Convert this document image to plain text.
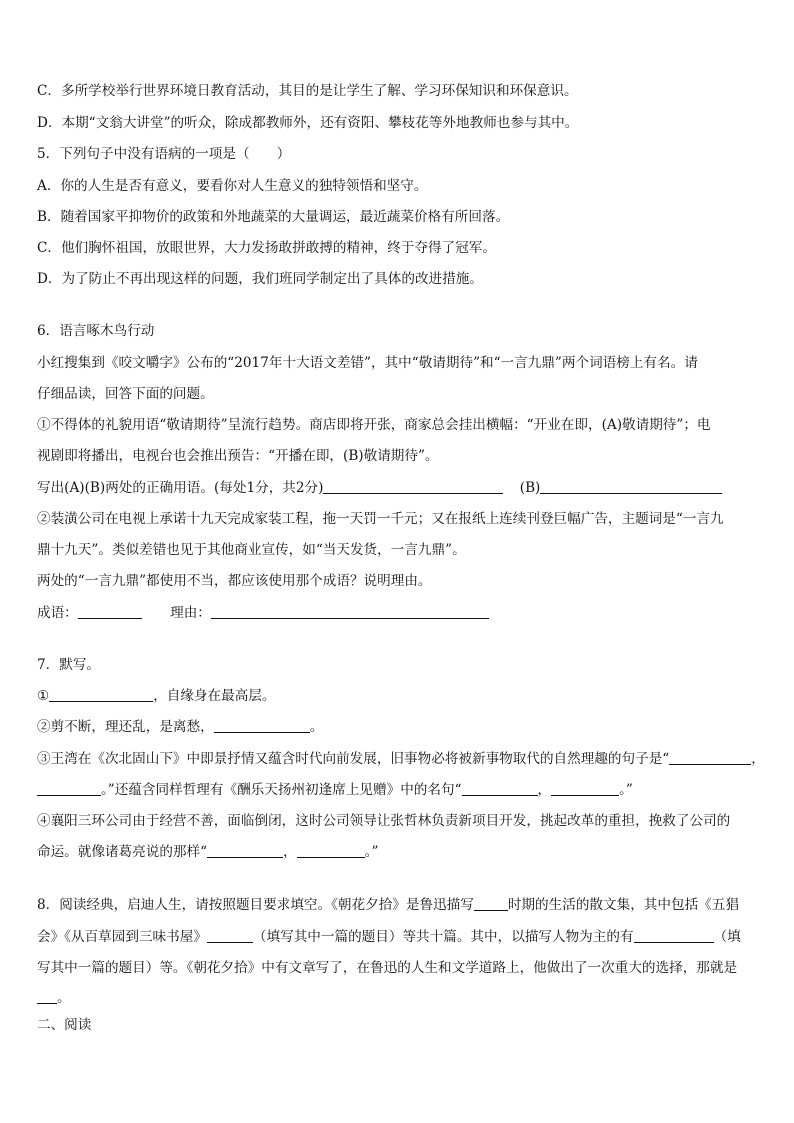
C．多所学校举行世界环境日教育活动，其目的是让学生了解、学习环保知识和环保意识。
D．本期“文翁大讲堂”的听众，除成都教师外，还有资阳、攀枝花等外地教师也参与其中。
5．下列句子中没有语病的一项是（　　）
A．你的人生是否有意义，要看你对人生意义的独特领悟和坚守。
B．随着国家平抑物价的政策和外地蔬菜的大量调运，最近蔬菜价格有所回落。
C．他们胸怀祖国，放眼世界，大力发扬敢拼敢搏的精神，终于夺得了冠军。
D．为了防止不再出现这样的问题，我们班同学制定出了具体的改进措施。
6．语言啄木鸟行动
小红搜集到《咬文嚼字》公布的“2017年十大语文差错”，其中“敬请期待”和“一言九鼎”两个词语榜上有名。请
仔细品读，回答下面的问题。
①不得体的礼貌用语“敬请期待”呈流行趋势。商店即将开张，商家总会挂出横幅：“开业在即，(A)敬请期待”；电
视剧即将播出，电视台也会推出预告：“开播在即，(B)敬请期待”。
写出(A)(B)两处的正确用语。(每处1分，共2分)	(B)
②装潢公司在电视上承诺十九天完成家装工程，拖一天罚一千元；又在报纸上连续刊登巨幅广告，主题词是“一言九
鼎十九天”。类似差错也见于其他商业宣传，如“当天发货，一言九鼎”。
两处的“一言九鼎”都使用不当，都应该使用那个成语？说明理由。
成语：	理由：
7．默写。
①	，自缘身在最高层。
②剪不断，理还乱，是离愁，	。
③王湾在《次北固山下》中即景抒情又蕴含时代向前发展，旧事物必将被新事物取代的自然理趣的句子是“	，
。”还蕴含同样哲理有《酬乐天扬州初逢席上见赠》中的名句“	，	。”
④襄阳三环公司由于经营不善，面临倒闭，这时公司领导让张哲林负责新项目开发，挑起改革的重担，挽救了公司的
命运。就像诸葛亮说的那样“	，	。”
8．阅读经典，启迪人生，请按照题目要求填空。《朝花夕拾》是鲁迅描写	时期的生活的散文集，其中包括《五猖
会》《从百草园到三味书屋》	（填写其中一篇的题目）等共十篇。其中，以描写人物为主的有	（填
写其中一篇的题目）等。《朝花夕拾》中有文章写了，在鲁迅的人生和文学道路上，他做出了一次重大的选择，那就是
。
二、阅读
